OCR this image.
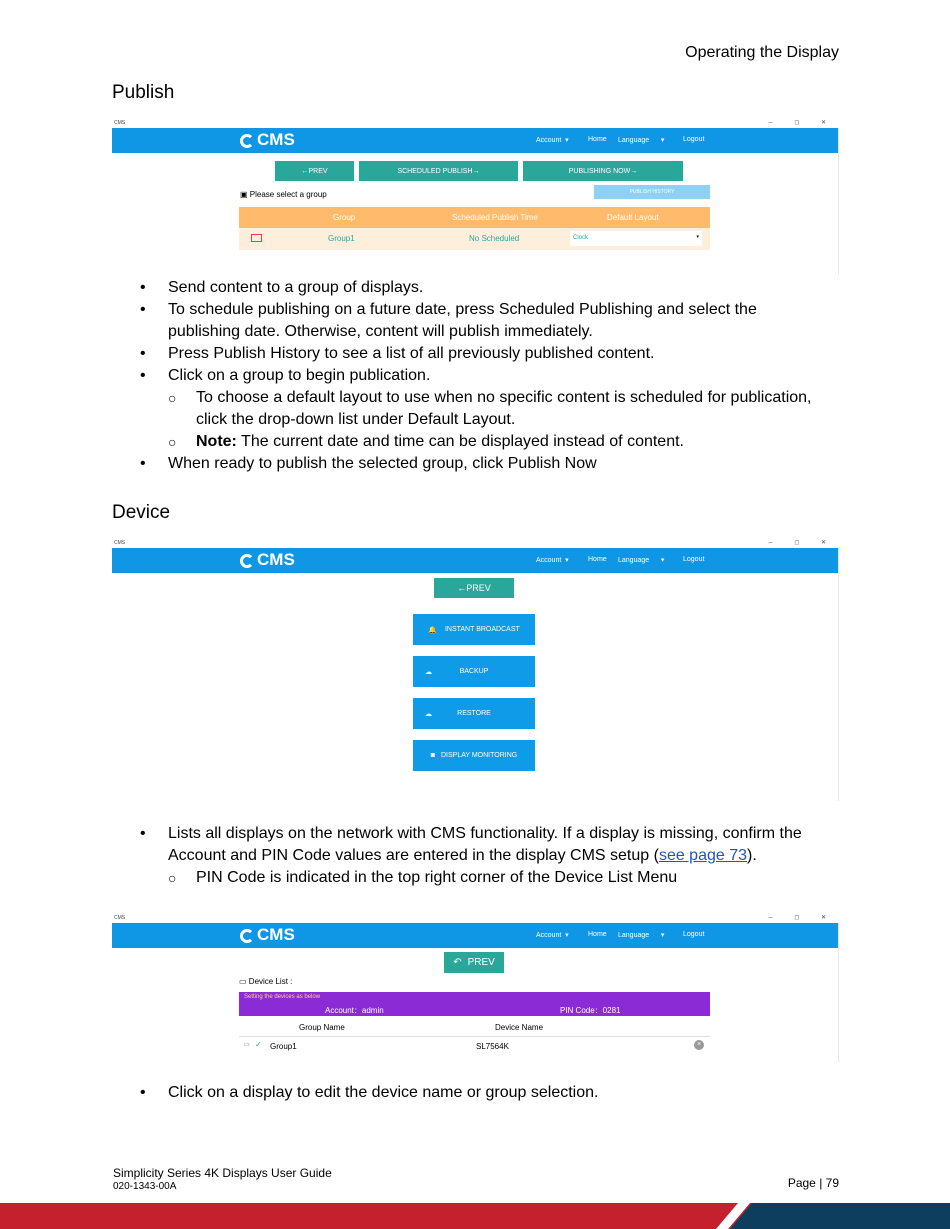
Operating the Display
Publish
CMS	─ ◻ ✕
CMS	Account  ▾	Home Language      ▾	Logout
← PREV	SCHEDULED PUBLISH →	PUBLISHING NOW →
▣ Please select a group	PUBLISH HISTORY
Group	Scheduled Publish Time	Default Layout
Group1	No Scheduled	Clock	▾
• Send content to a group of displays.
• To schedule publishing on a future date, press Scheduled Publishing and select the publishing date. Otherwise, content will publish immediately.
• Press Publish History to see a list of all previously published content.
• Click on a group to begin publication.
○ To choose a default layout to use when no specific content is scheduled for publication, click the drop-down list under Default Layout.
○ Note: The current date and time can be displayed instead of content.
• When ready to publish the selected group, click Publish Now
Device
CMS	─ ◻ ✕
CMS	Account  ▾	Home Language      ▾	Logout
← PREV
🔔 INSTANT BROADCAST
☁	BACKUP
☁	RESTORE
◙ DISPLAY MONITORING
• Lists all displays on the network with CMS functionality. If a display is missing, confirm the Account and PIN Code values are entered in the display CMS setup (see page 73).
○ PIN Code is indicated in the top right corner of the Device List Menu
CMS	─ ◻ ✕
CMS	Account  ▾	Home Language      ▾	Logout
↶ PREV
▭ Device List :
Setting the devices as below
Account：admin	PIN Code：0281
Group Name	Device Name
▭ ✓ Group1	SL7564K	×
• Click on a display to edit the device name or group selection.
Simplicity Series 4K Displays User Guide
020-1343-00A	Page | 79
